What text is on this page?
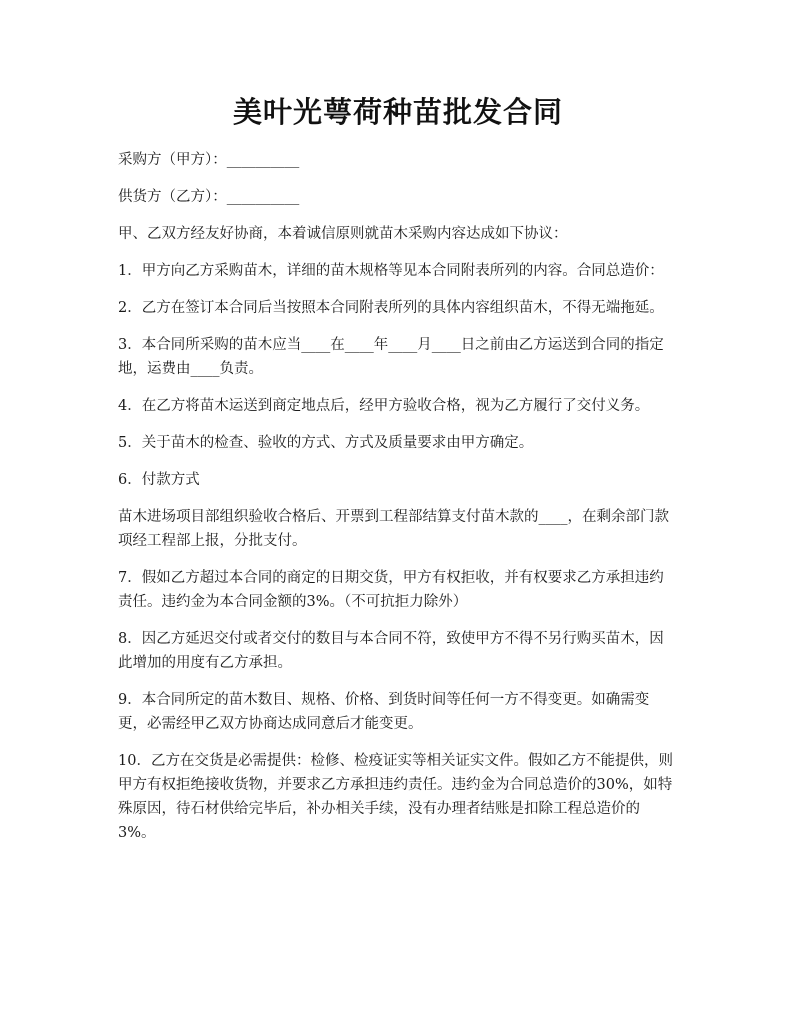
美叶光萼荷种苗批发合同

采购方（甲方）：__________

供货方（乙方）：__________

甲、乙双方经友好协商，本着诚信原则就苗木采购内容达成如下协议：

1．甲方向乙方采购苗木，详细的苗木规格等见本合同附表所列的内容。合同总造价：

2．乙方在签订本合同后当按照本合同附表所列的具体内容组织苗木，不得无端拖延。

3．本合同所采购的苗木应当____在____年____月____日之前由乙方运送到合同的指定地，运费由____负责。

4．在乙方将苗木运送到商定地点后，经甲方验收合格，视为乙方履行了交付义务。

5．关于苗木的检查、验收的方式、方式及质量要求由甲方确定。

6．付款方式

苗木进场项目部组织验收合格后、开票到工程部结算支付苗木款的____，在剩余部门款项经工程部上报，分批支付。

7．假如乙方超过本合同的商定的日期交货，甲方有权拒收，并有权要求乙方承担违约责任。违约金为本合同金额的3%。（不可抗拒力除外）

8．因乙方延迟交付或者交付的数目与本合同不符，致使甲方不得不另行购买苗木，因此增加的用度有乙方承担。

9．本合同所定的苗木数目、规格、价格、到货时间等任何一方不得变更。如确需变更，必需经甲乙双方协商达成同意后才能变更。

10．乙方在交货是必需提供：检修、检疫证实等相关证实文件。假如乙方不能提供，则甲方有权拒绝接收货物，并要求乙方承担违约责任。违约金为合同总造价的30%，如特殊原因，待石材供给完毕后，补办相关手续，没有办理者结账是扣除工程总造价的3%。
